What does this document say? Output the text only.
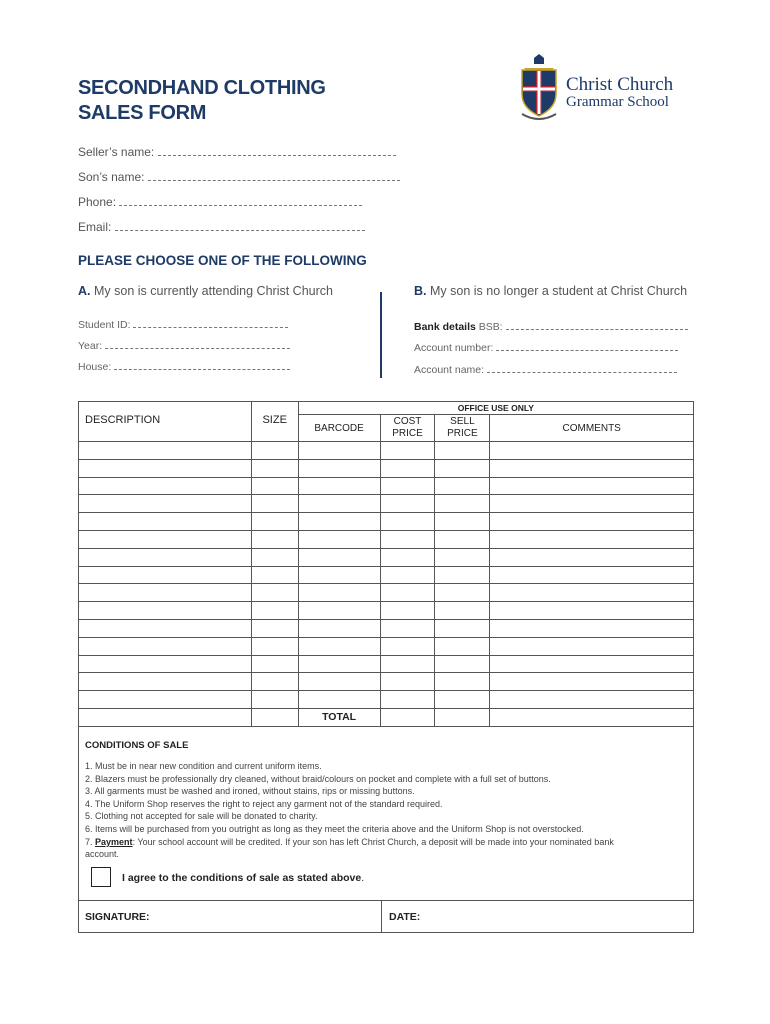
SECONDHAND CLOTHING
SALES FORM
Christ Church
Grammar School
Seller’s name:
Son’s name:
Phone:
Email:
PLEASE CHOOSE ONE OF THE FOLLOWING
A. My son is currently attending Christ Church
Student ID:
Year:
House:
B. My son is no longer a student at Christ Church
Bank details BSB:
Account number:
Account name:
DESCRIPTION	SIZE	OFFICE USE ONLY			
		BARCODE	COST PRICE	SELL PRICE	COMMENTS

		TOTAL			
CONDITIONS OF SALE
1. Must be in near new condition and current uniform items.
2. Blazers must be professionally dry cleaned, without braid/colours on pocket and complete with a full set of buttons.
3. All garments must be washed and ironed, without stains, rips or missing buttons.
4. The Uniform Shop reserves the right to reject any garment not of the standard required.
5. Clothing not accepted for sale will be donated to charity.
6. Items will be purchased from you outright as long as they meet the criteria above and the Uniform Shop is not overstocked.
7. Payment: Your school account will be credited. If your son has left Christ Church, a deposit will be made into your nominated bank
account.
I agree to the conditions of sale as stated above.
SIGNATURE:	DATE:
